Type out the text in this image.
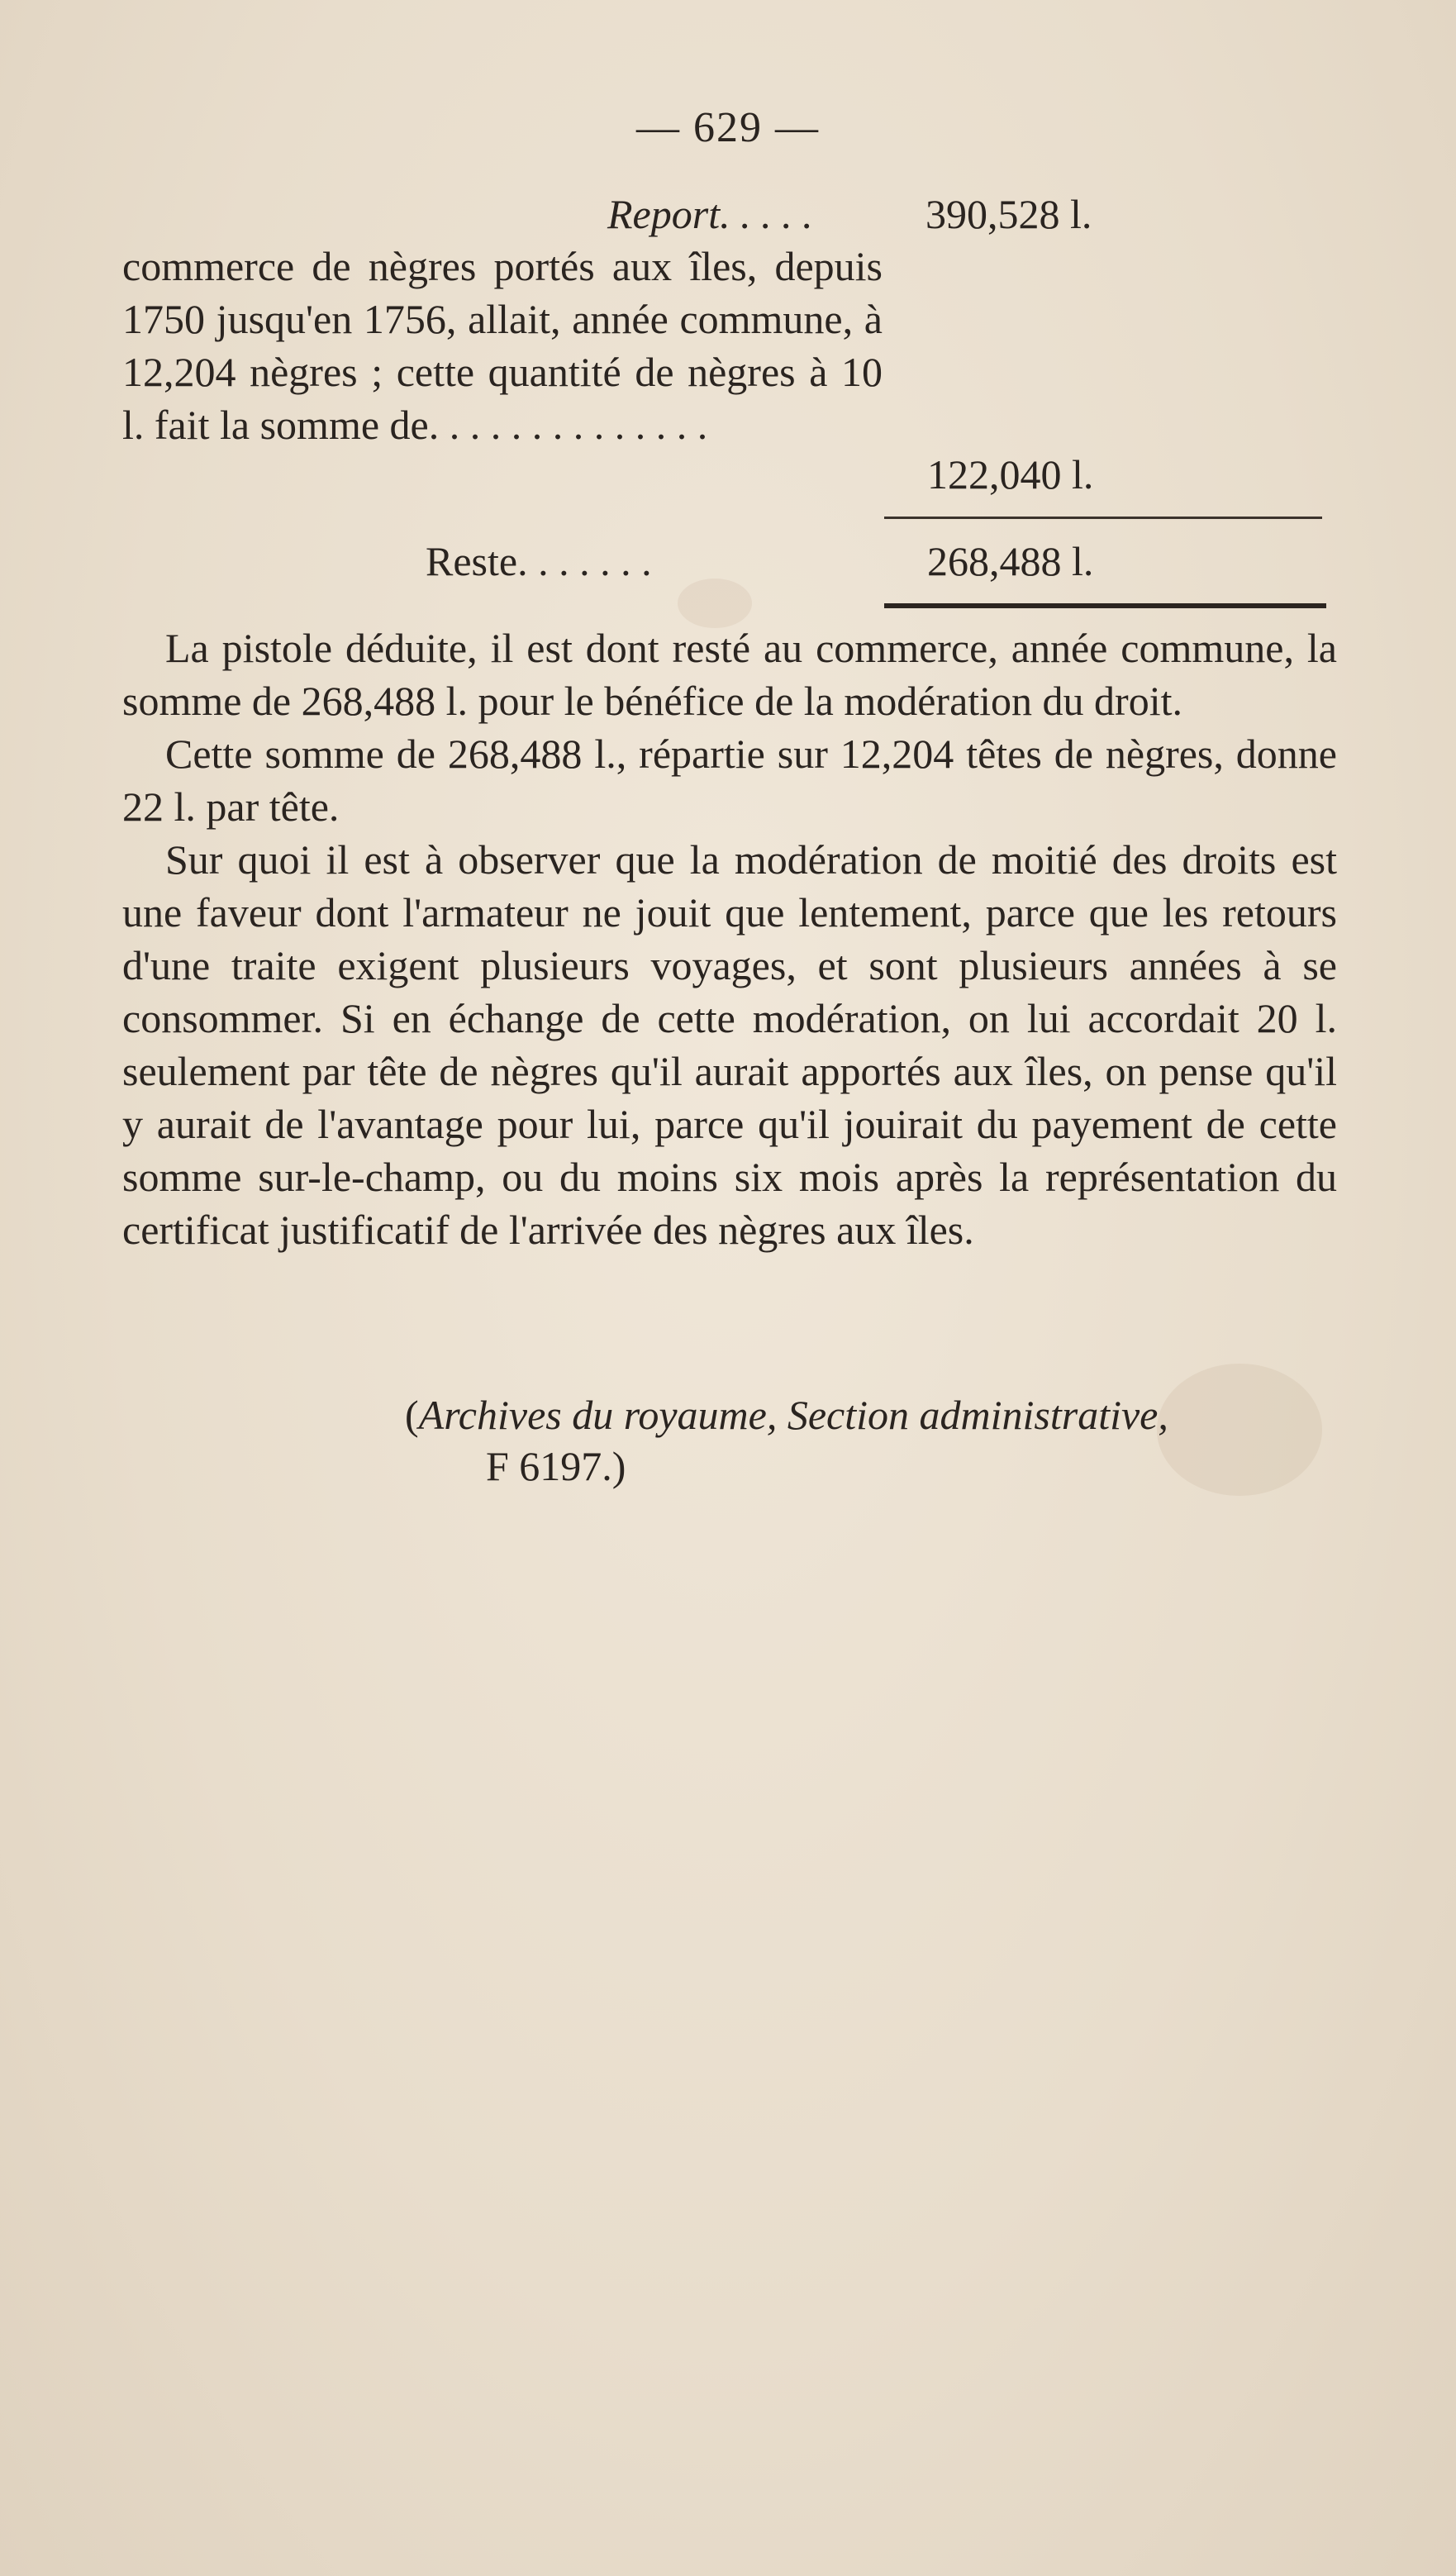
— 629 —
Report. . . . .	390,528 l.
commerce de nègres portés aux îles, depuis 1750 jusqu'en 1756, allait, année commune, à 12,204 nègres ; cette quantité de nègres à 10 l. fait la somme de. . . . . . . . . . . . . .
122,040 l.
Reste. . . . . . .	268,488 l.

La pistole déduite, il est dont resté au commerce, année commune, la somme de 268,488 l. pour le bénéfice de la modération du droit.

Cette somme de 268,488 l., répartie sur 12,204 têtes de nègres, donne 22 l. par tête.

Sur quoi il est à observer que la modération de moitié des droits est une faveur dont l'armateur ne jouit que lentement, parce que les retours d'une traite exigent plusieurs voyages, et sont plusieurs années à se consommer. Si en échange de cette modération, on lui accordait 20 l. seulement par tête de nègres qu'il aurait apportés aux îles, on pense qu'il y aurait de l'avantage pour lui, parce qu'il jouirait du payement de cette somme sur-le-champ, ou du moins six mois après la représentation du certificat justificatif de l'arrivée des nègres aux îles.

(Archives du royaume, Section administrative,
F 6197.)
